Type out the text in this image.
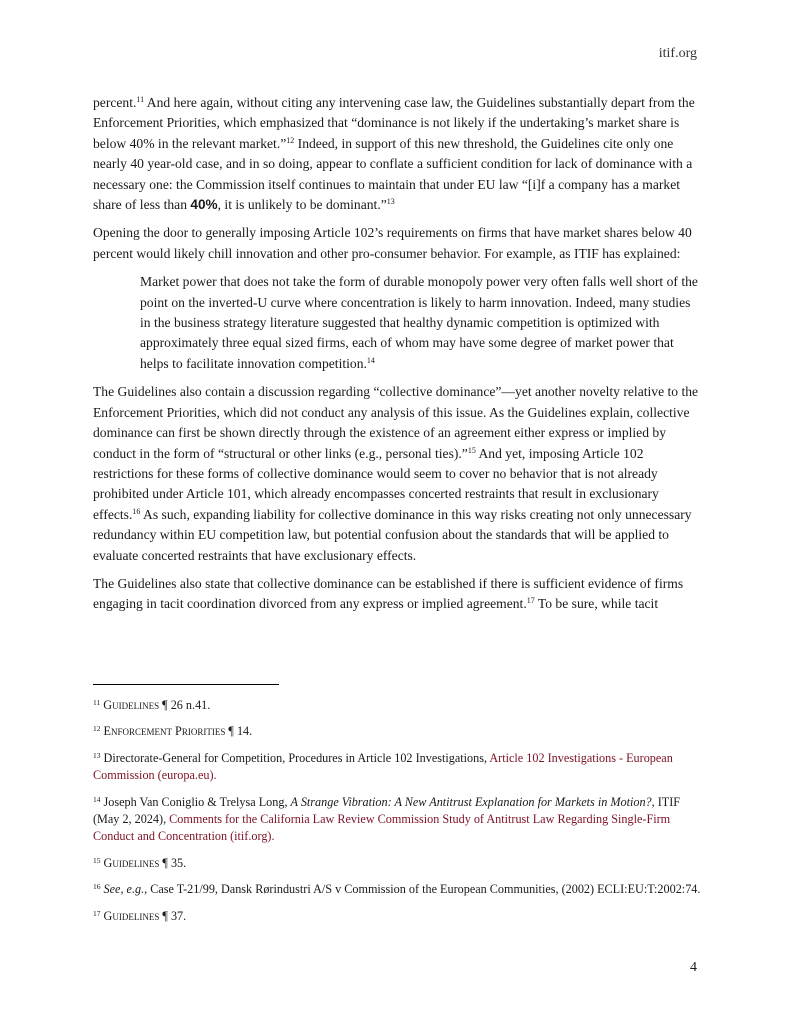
itif.org

percent.$^{11}$ And here again, without citing any intervening case law, the Guidelines substantially depart from the Enforcement Priorities, which emphasized that “dominance is not likely if the undertaking’s market share is below 40% in the relevant market.”$^{12}$ Indeed, in support of this new threshold, the Guidelines cite only one nearly 40 year-old case, and in so doing, appear to conflate a sufficient condition for lack of dominance with a necessary one: the Commission itself continues to maintain that under EU law “[i]f a company has a market share of less than 40%, it is unlikely to be dominant.”$^{13}$

Opening the door to generally imposing Article 102’s requirements on firms that have market shares below 40 percent would likely chill innovation and other pro-consumer behavior. For example, as ITIF has explained:

Market power that does not take the form of durable monopoly power very often falls well short of the point on the inverted-U curve where concentration is likely to harm innovation. Indeed, many studies in the business strategy literature suggested that healthy dynamic competition is optimized with approximately three equal sized firms, each of whom may have some degree of market power that helps to facilitate innovation competition.$^{14}$

The Guidelines also contain a discussion regarding “collective dominance”—yet another novelty relative to the Enforcement Priorities, which did not conduct any analysis of this issue. As the Guidelines explain, collective dominance can first be shown directly through the existence of an agreement either express or implied by conduct in the form of “structural or other links (e.g., personal ties).”$^{15}$ And yet, imposing Article 102 restrictions for these forms of collective dominance would seem to cover no behavior that is not already prohibited under Article 101, which already encompasses concerted restraints that result in exclusionary effects.$^{16}$ As such, expanding liability for collective dominance in this way risks creating not only unnecessary redundancy within EU competition law, but potential confusion about the standards that will be applied to evaluate concerted restraints that have exclusionary effects.

The Guidelines also state that collective dominance can be established if there is sufficient evidence of firms engaging in tacit coordination divorced from any express or implied agreement.$^{17}$ To be sure, while tacit

$^{11}$ Guidelines ¶ 26 n.41.
$^{12}$ Enforcement Priorities ¶ 14.
$^{13}$ Directorate-General for Competition, Procedures in Article 102 Investigations, Article 102 Investigations - European Commission (europa.eu).
$^{14}$ Joseph Van Coniglio & Trelysa Long, A Strange Vibration: A New Antitrust Explanation for Markets in Motion?, ITIF (May 2, 2024), Comments for the California Law Review Commission Study of Antitrust Law Regarding Single-Firm Conduct and Concentration (itif.org).
$^{15}$ Guidelines ¶ 35.
$^{16}$ See, e.g., Case T-21/99, Dansk Rørindustri A/S v Commission of the European Communities, (2002) ECLI:EU:T:2002:74.
$^{17}$ Guidelines ¶ 37.
4
